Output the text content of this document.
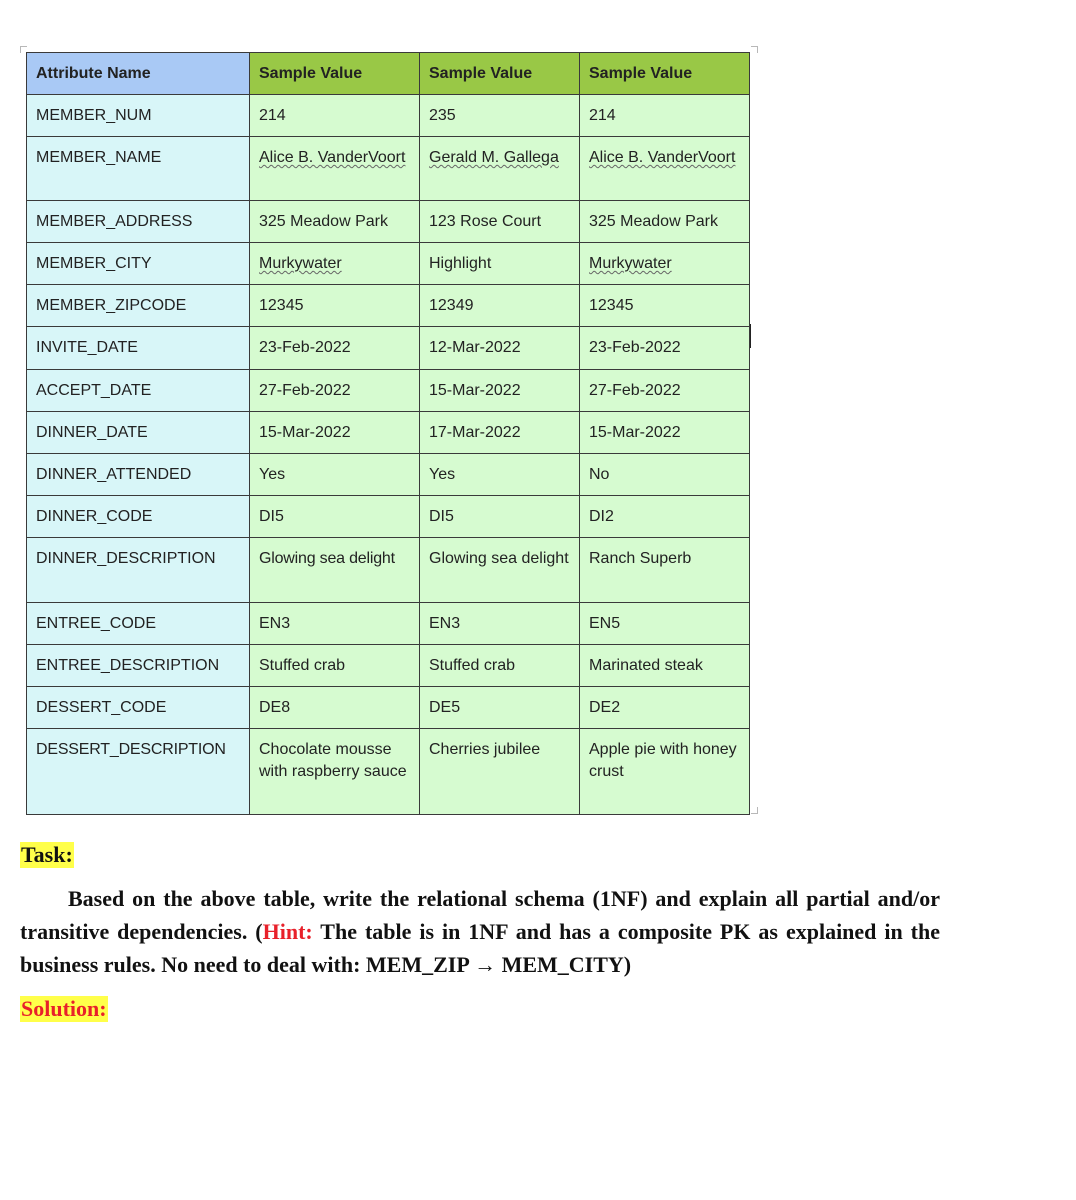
Attribute Name	Sample Value	Sample Value	Sample Value
MEMBER_NUM	214	235	214
MEMBER_NAME	Alice B. VanderVoort	Gerald M. Gallega	Alice B. VanderVoort
MEMBER_ADDRESS	325 Meadow Park	123 Rose Court	325 Meadow Park
MEMBER_CITY	Murkywater	Highlight	Murkywater
MEMBER_ZIPCODE	12345	12349	12345
INVITE_DATE	23-Feb-2022	12-Mar-2022	23-Feb-2022
ACCEPT_DATE	27-Feb-2022	15-Mar-2022	27-Feb-2022
DINNER_DATE	15-Mar-2022	17-Mar-2022	15-Mar-2022
DINNER_ATTENDED	Yes	Yes	No
DINNER_CODE	DI5	DI5	DI2
DINNER_DESCRIPTION	Glowing sea delight	Glowing sea delight	Ranch Superb
ENTREE_CODE	EN3	EN3	EN5
ENTREE_DESCRIPTION	Stuffed crab	Stuffed crab	Marinated steak
DESSERT_CODE	DE8	DE5	DE2
DESSERT_DESCRIPTION	Chocolate mousse with raspberry sauce	Cherries jubilee	Apple pie with honey crust
Task:

Based on the above table, write the relational schema (1NF) and explain all partial and/or transitive dependencies. (Hint: The table is in 1NF and has a composite PK as explained in the business rules. No need to deal with: MEM_ZIP → MEM_CITY)

Solution:
